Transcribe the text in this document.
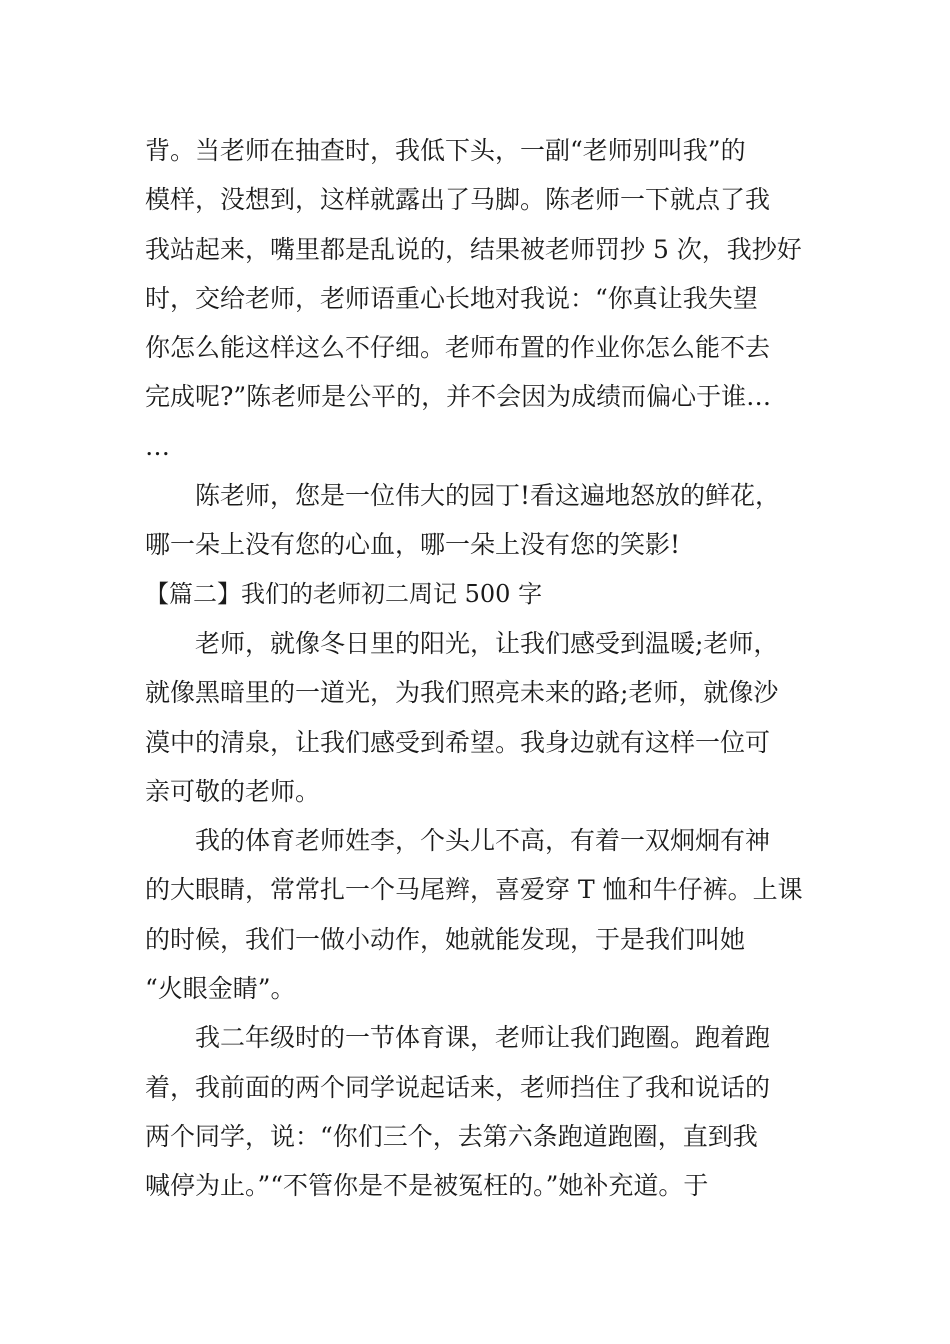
背。当老师在抽查时，我低下头，一副“老师别叫我”的
模样，没想到，这样就露出了马脚。陈老师一下就点了我
我站起来，嘴里都是乱说的，结果被老师罚抄 5 次，我抄好
时，交给老师，老师语重心长地对我说：“你真让我失望
你怎么能这样这么不仔细。老师布置的作业你怎么能不去
完成呢?”陈老师是公平的，并不会因为成绩而偏心于谁…
…
陈老师，您是一位伟大的园丁!看这遍地怒放的鲜花，
哪一朵上没有您的心血，哪一朵上没有您的笑影!
【篇二】我们的老师初二周记 500 字
老师，就像冬日里的阳光，让我们感受到温暖;老师，
就像黑暗里的一道光，为我们照亮未来的路;老师，就像沙
漠中的清泉，让我们感受到希望。我身边就有这样一位可
亲可敬的老师。
我的体育老师姓李，个头儿不高，有着一双炯炯有神
的大眼睛，常常扎一个马尾辫，喜爱穿 T 恤和牛仔裤。上课
的时候，我们一做小动作，她就能发现，于是我们叫她
“火眼金睛”。
我二年级时的一节体育课，老师让我们跑圈。跑着跑
着，我前面的两个同学说起话来，老师挡住了我和说话的
两个同学，说：“你们三个，去第六条跑道跑圈，直到我
喊停为止。”“不管你是不是被冤枉的。”她补充道。于
